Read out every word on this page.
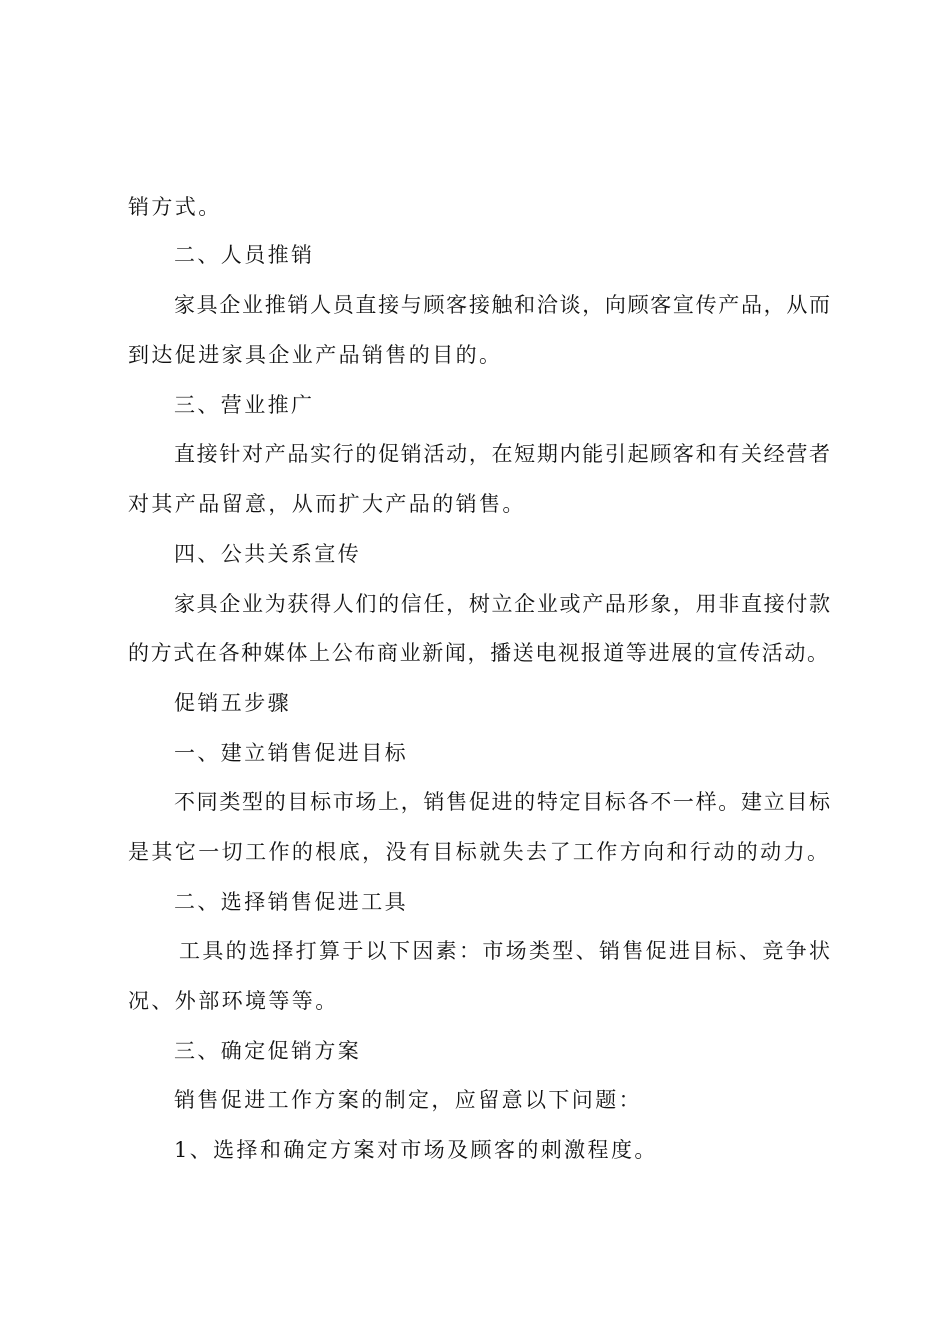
销方式。
二、人员推销
家具企业推销人员直接与顾客接触和洽谈，向顾客宣传产品，从而
到达促进家具企业产品销售的目的。
三、营业推广
直接针对产品实行的促销活动，在短期内能引起顾客和有关经营者
对其产品留意，从而扩大产品的销售。
四、公共关系宣传
家具企业为获得人们的信任，树立企业或产品形象，用非直接付款
的方式在各种媒体上公布商业新闻，播送电视报道等进展的宣传活动。
促销五步骤
一、建立销售促进目标
不同类型的目标市场上，销售促进的特定目标各不一样。建立目标
是其它一切工作的根底，没有目标就失去了工作方向和行动的动力。
二、选择销售促进工具
工具的选择打算于以下因素：市场类型、销售促进目标、竞争状
况、外部环境等等。
三、确定促销方案
销售促进工作方案的制定，应留意以下问题：
1、选择和确定方案对市场及顾客的刺激程度。
